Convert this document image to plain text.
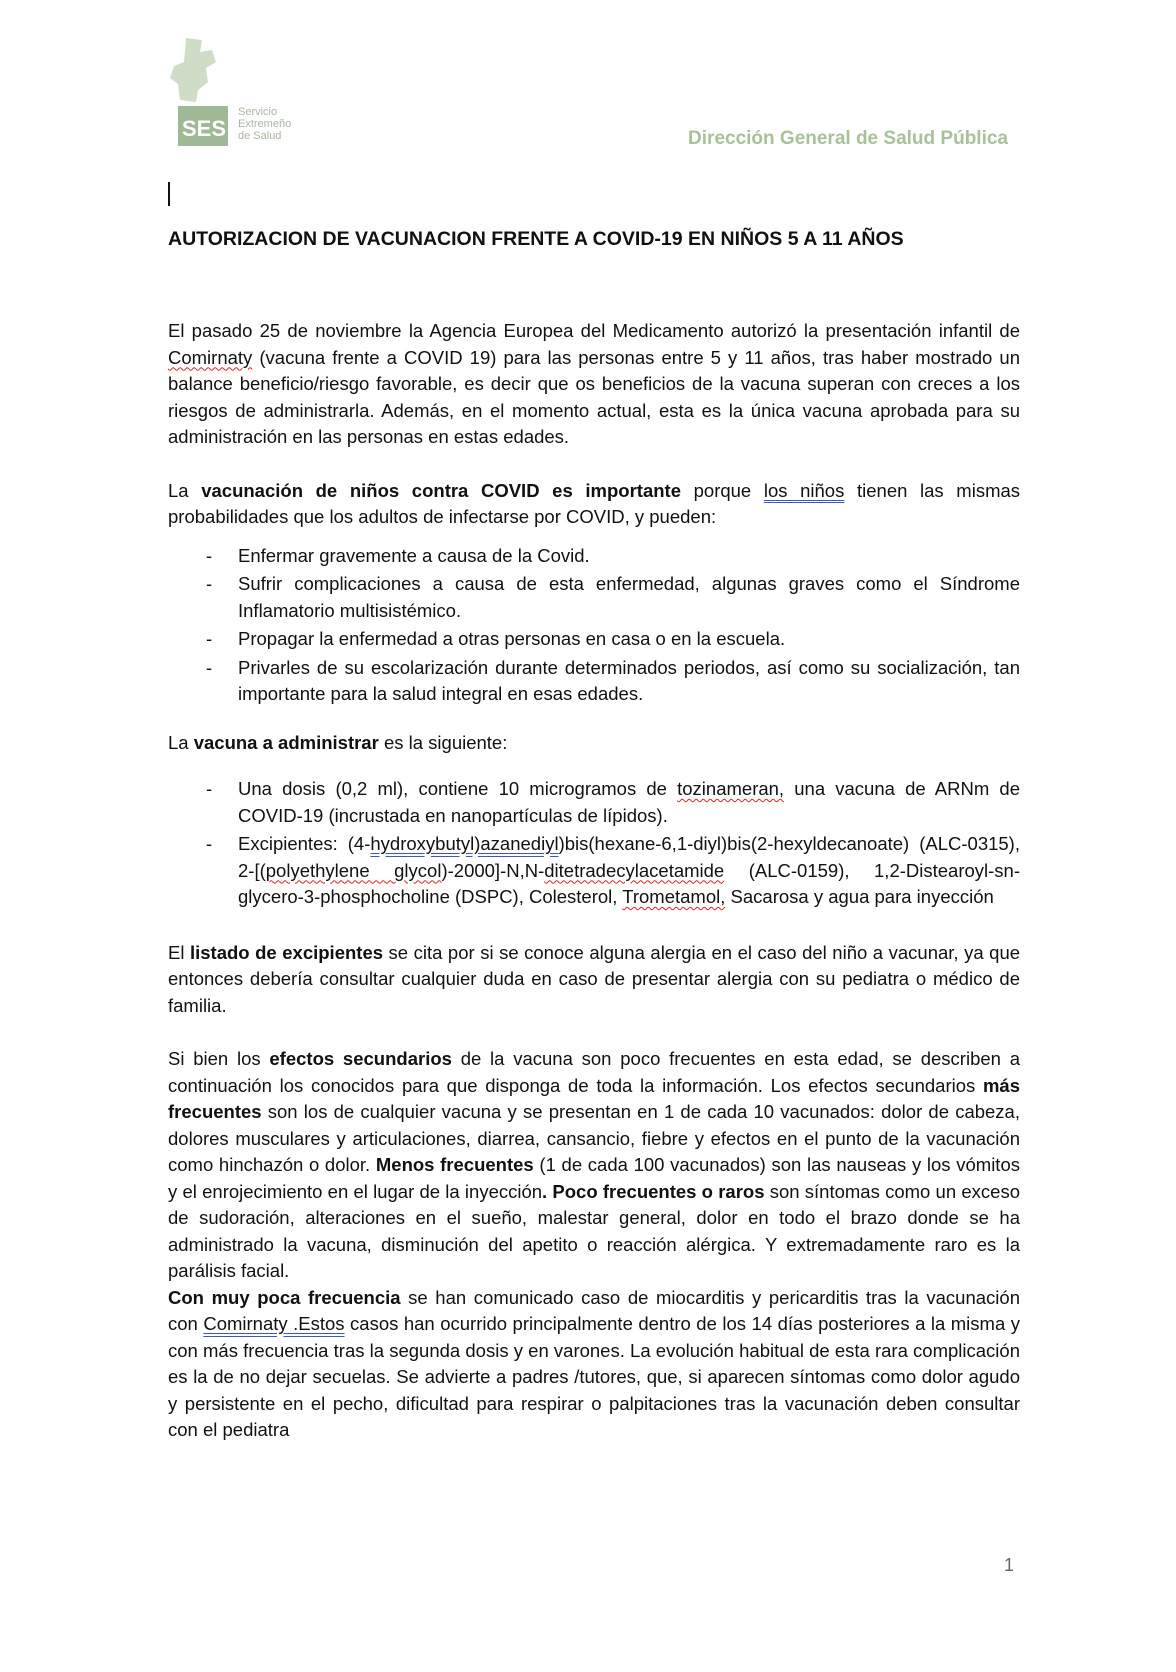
SES
Servicio
Extremeño
de Salud	Dirección General de Salud Pública
AUTORIZACION DE VACUNACION FRENTE A COVID-19 EN NIÑOS 5 A 11 AÑOS

El pasado 25 de noviembre la Agencia Europea del Medicamento autorizó la presentación infantil de Comirnaty (vacuna frente a COVID 19) para las personas entre 5 y 11 años, tras haber mostrado un balance beneficio/riesgo favorable, es decir que os beneficios de la vacuna superan con creces a los riesgos de administrarla. Además, en el momento actual, esta es la única vacuna aprobada para su administración en las personas en estas edades.

La vacunación de niños contra COVID es importante porque los niños tienen las mismas probabilidades que los adultos de infectarse por COVID, y pueden:

- Enfermar gravemente a causa de la Covid.
- Sufrir complicaciones a causa de esta enfermedad, algunas graves como el Síndrome Inflamatorio multisistémico.
- Propagar la enfermedad a otras personas en casa o en la escuela.
- Privarles de su escolarización durante determinados periodos, así como su socialización, tan importante para la salud integral en esas edades.

La vacuna a administrar es la siguiente:

- Una dosis (0,2 ml), contiene 10 microgramos de tozinameran, una vacuna de ARNm de COVID-19 (incrustada en nanopartículas de lípidos).
- Excipientes: (4-hydroxybutyl)azanediyl)bis(hexane-6,1-diyl)bis(2-hexyldecanoate) (ALC-0315), 2-[(polyethylene glycol)-2000]-N,N-ditetradecylacetamide (ALC-0159), 1,2-Distearoyl-sn-glycero-3-phosphocholine (DSPC), Colesterol, Trometamol, Sacarosa y agua para inyección

El listado de excipientes se cita por si se conoce alguna alergia en el caso del niño a vacunar, ya que entonces debería consultar cualquier duda en caso de presentar alergia con su pediatra o médico de familia.

Si bien los efectos secundarios de la vacuna son poco frecuentes en esta edad, se describen a continuación los conocidos para que disponga de toda la información. Los efectos secundarios más frecuentes son los de cualquier vacuna y se presentan en 1 de cada 10 vacunados: dolor de cabeza, dolores musculares y articulaciones, diarrea, cansancio, fiebre y efectos en el punto de la vacunación como hinchazón o dolor. Menos frecuentes (1 de cada 100 vacunados) son las nauseas y los vómitos y el enrojecimiento en el lugar de la inyección. Poco frecuentes o raros son síntomas como un exceso de sudoración, alteraciones en el sueño, malestar general, dolor en todo el brazo donde se ha administrado la vacuna, disminución del apetito o reacción alérgica. Y extremadamente raro es la parálisis facial.

Con muy poca frecuencia se han comunicado caso de miocarditis y pericarditis tras la vacunación con Comirnaty .Estos casos han ocurrido principalmente dentro de los 14 días posteriores a la misma y con más frecuencia tras la segunda dosis y en varones. La evolución habitual de esta rara complicación es la de no dejar secuelas. Se advierte a padres /tutores, que, si aparecen síntomas como dolor agudo y persistente en el pecho, dificultad para respirar o palpitaciones tras la vacunación deben consultar con el pediatra

1
